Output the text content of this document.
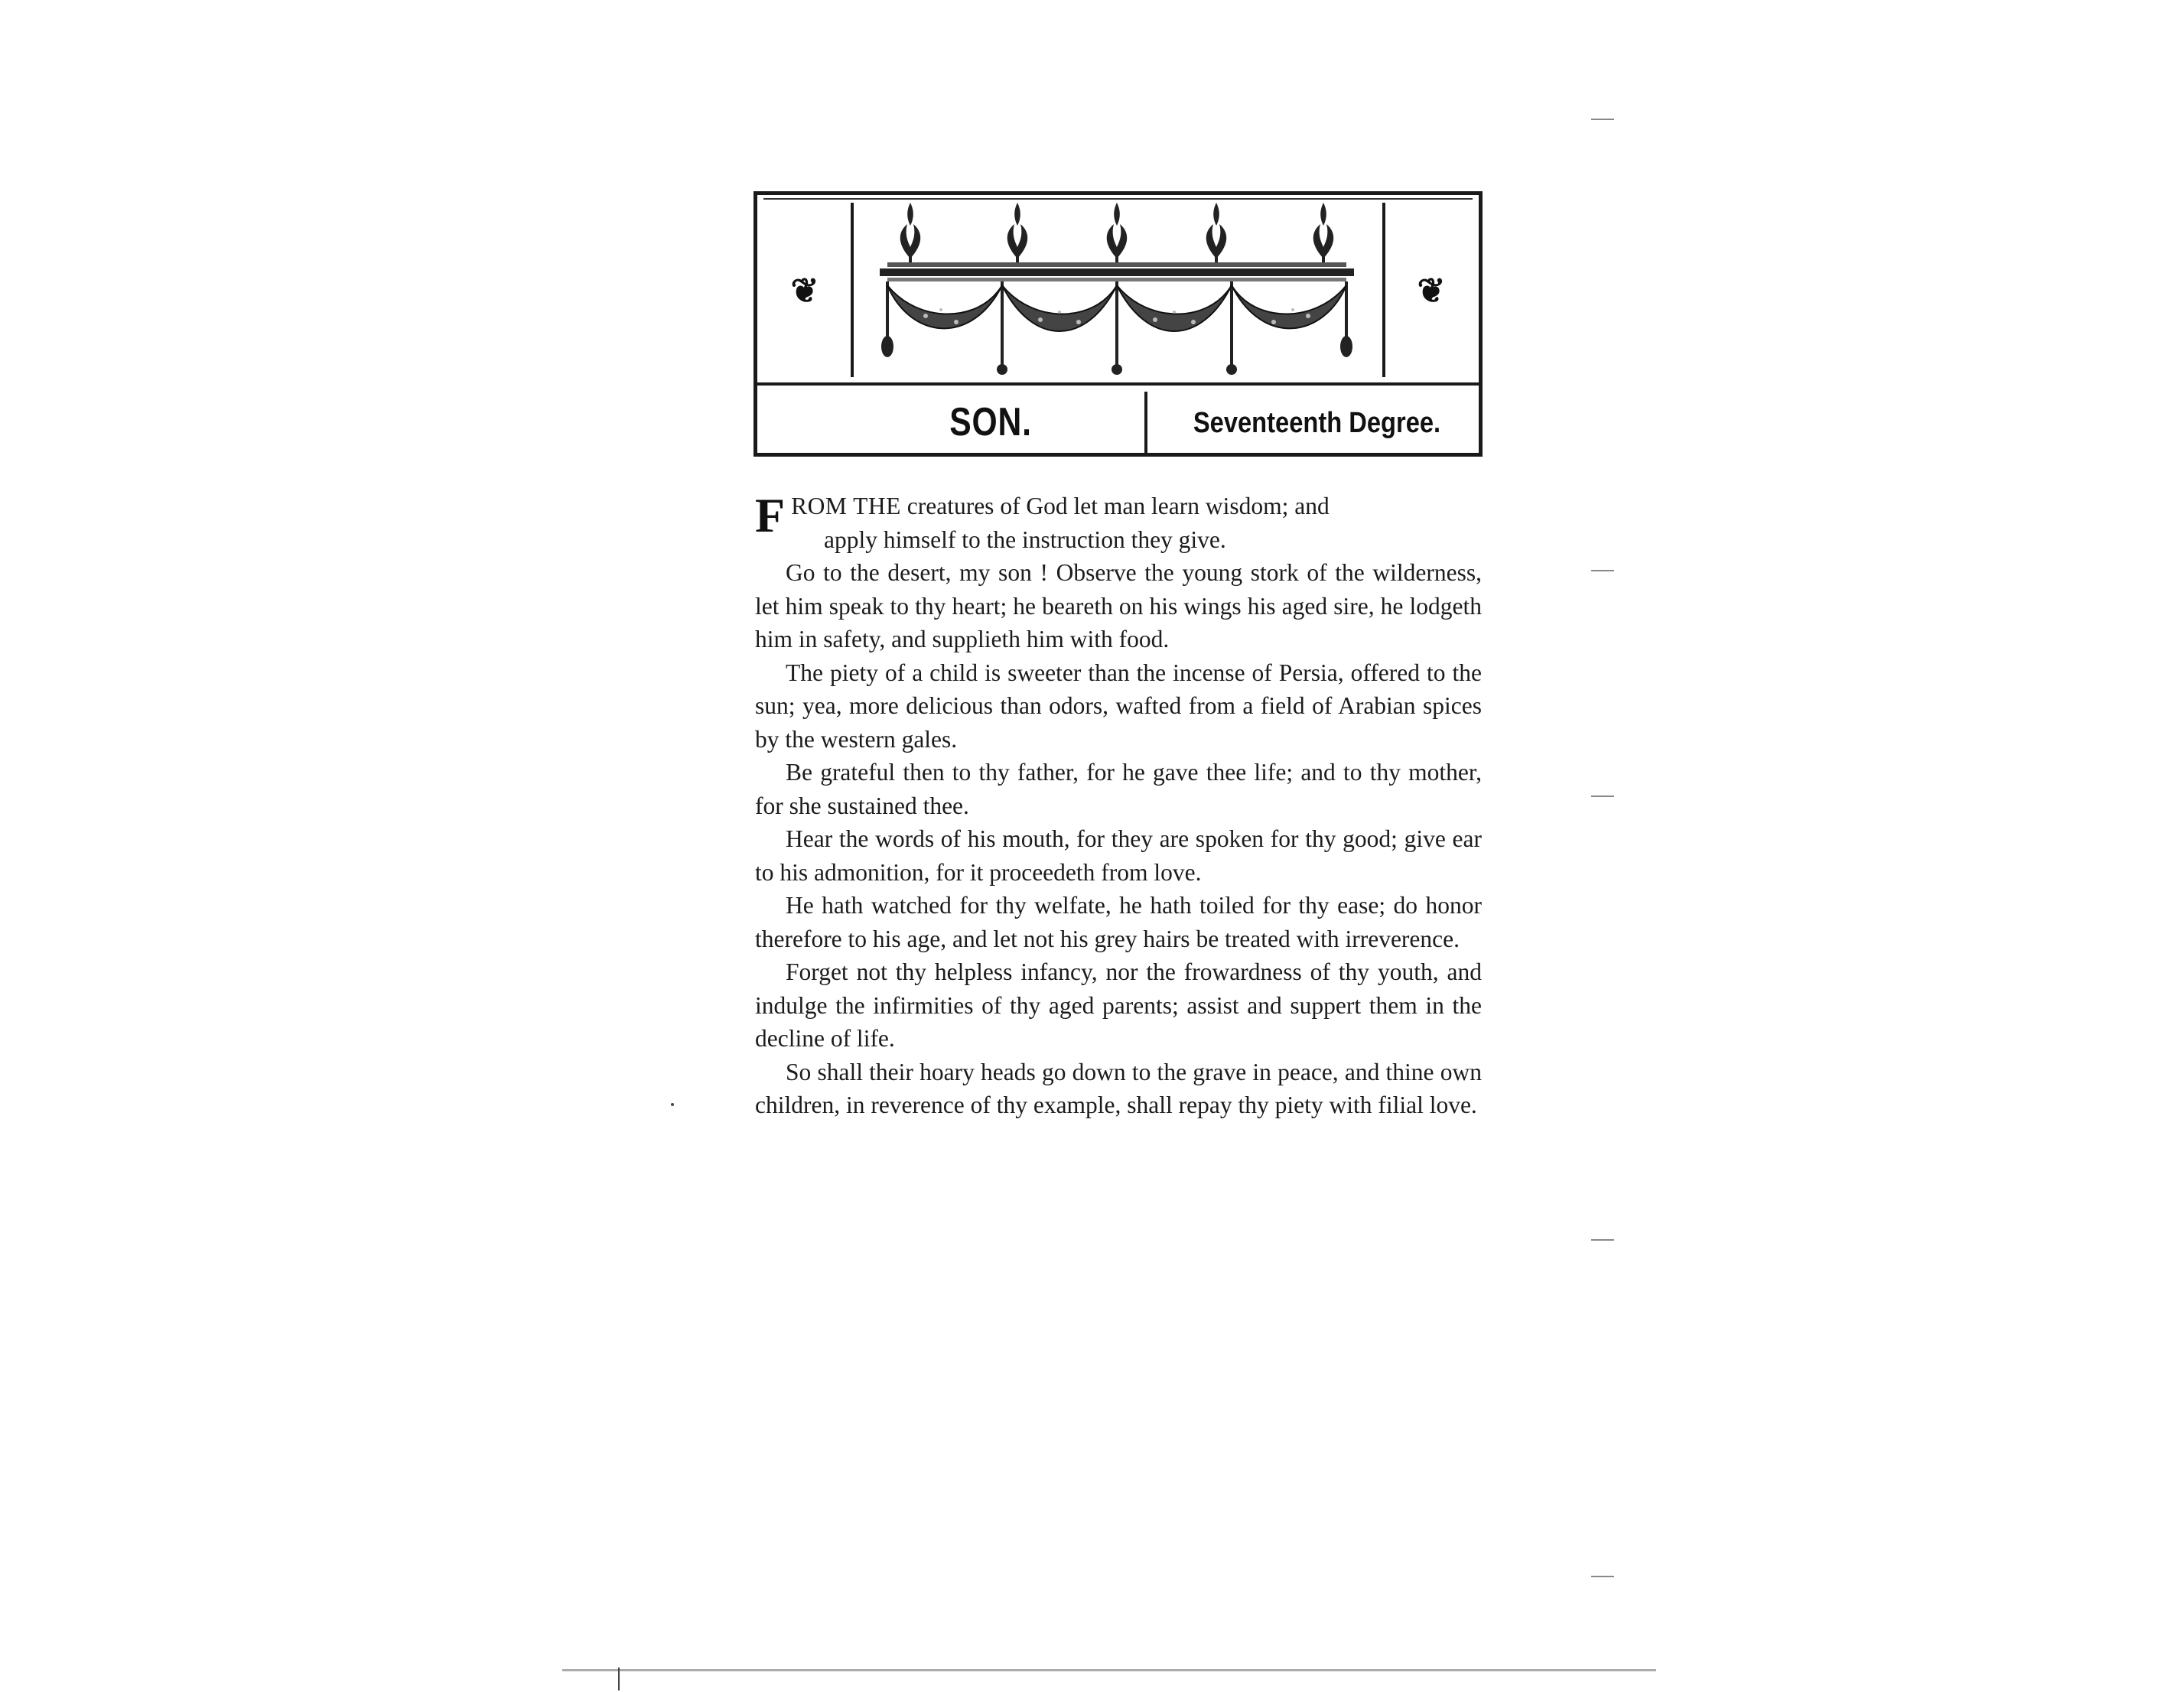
❦	❦
SON.	Seventeenth Degree.

FROM THE creatures of God let man learn wisdom; and
apply himself to the instruction they give.

Go to the desert, my son ! Observe the young stork of the wilderness, let him speak to thy heart; he beareth on his wings his aged sire, he lodgeth him in safety, and supplieth him with food.

The piety of a child is sweeter than the incense of Persia, offered to the sun; yea, more delicious than odors, wafted from a field of Arabian spices by the western gales.

Be grateful then to thy father, for he gave thee life; and to thy mother, for she sustained thee.

Hear the words of his mouth, for they are spoken for thy good; give ear to his admonition, for it proceedeth from love.

He hath watched for thy welfate, he hath toiled for thy ease; do honor therefore to his age, and let not his grey hairs be treated with irreverence.

Forget not thy helpless infancy, nor the frowardness of thy youth, and indulge the infirmities of thy aged parents; assist and suppert them in the decline of life.

So shall their hoary heads go down to the grave in peace, and thine own children, in reverence of thy example, shall repay thy piety with filial love.
